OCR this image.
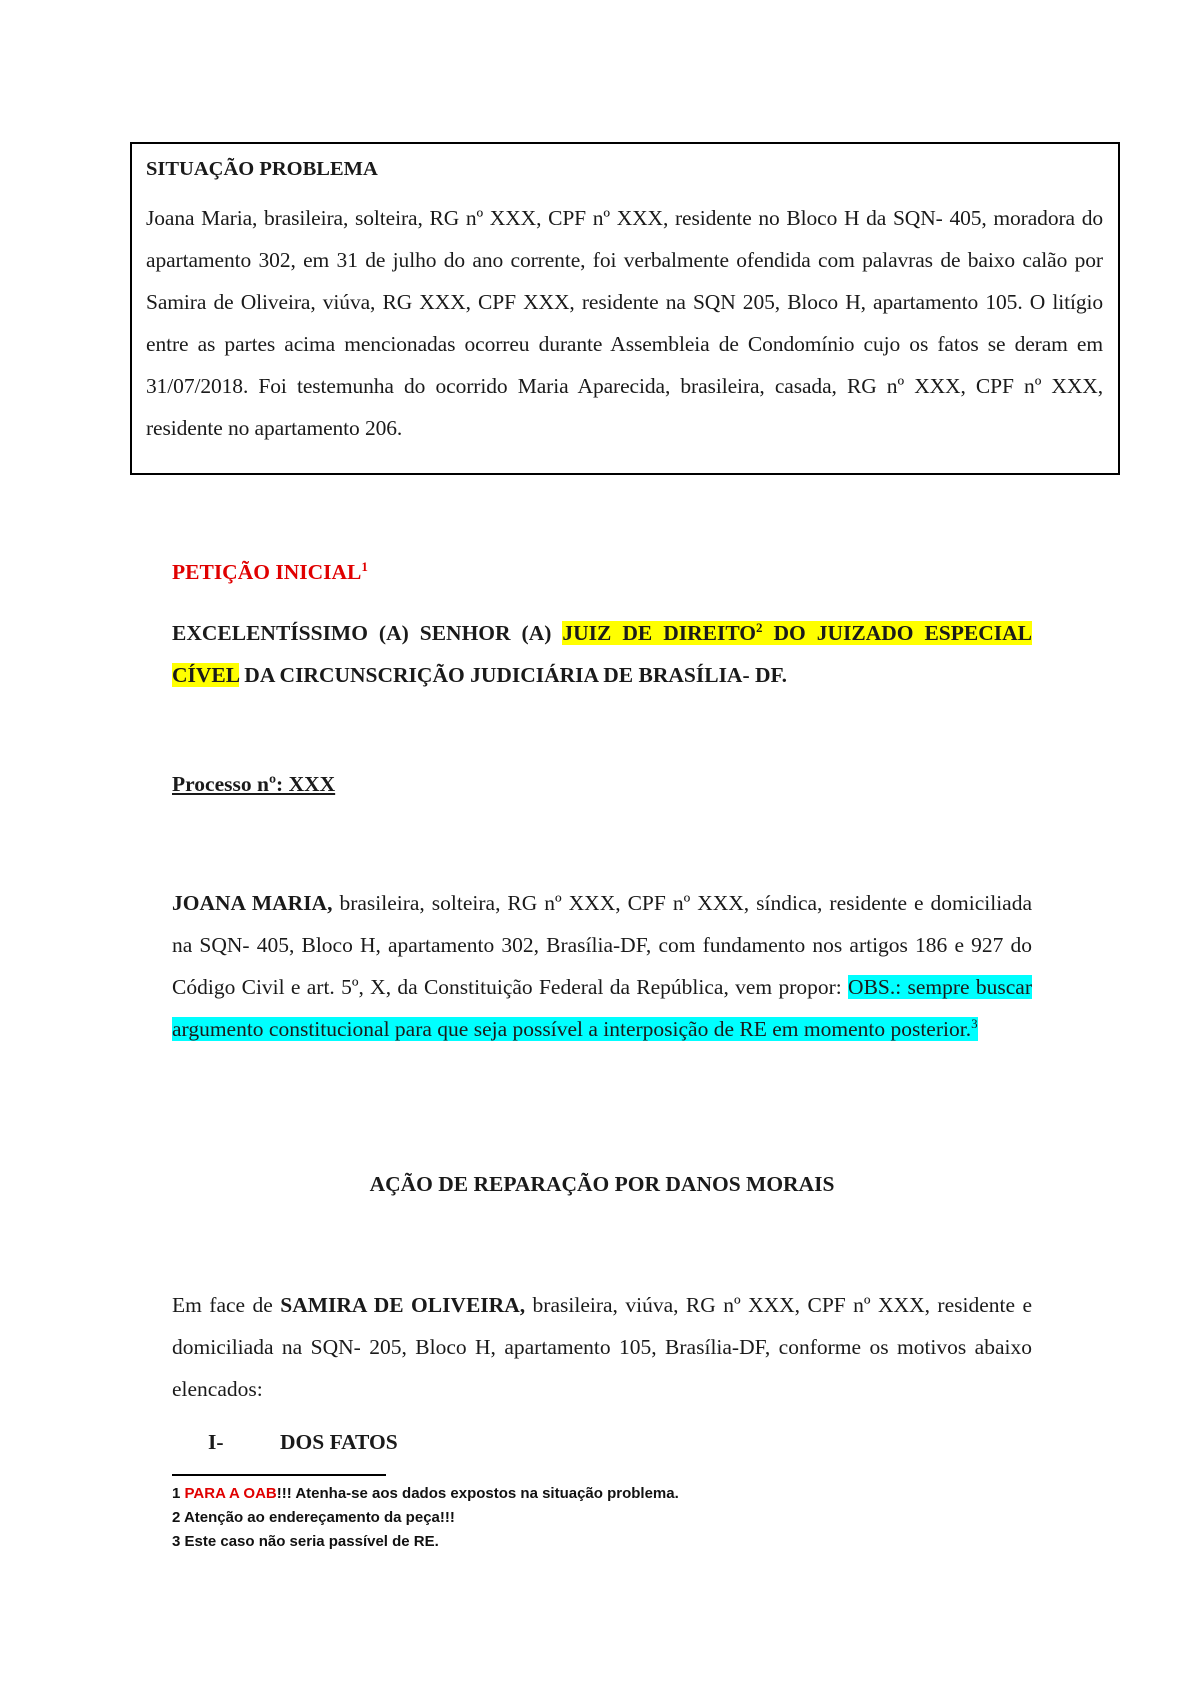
SITUAÇÃO PROBLEMA

Joana Maria, brasileira, solteira, RG nº XXX, CPF nº XXX, residente no Bloco H da SQN- 405, moradora do apartamento 302, em 31 de julho do ano corrente, foi verbalmente ofendida com palavras de baixo calão por Samira de Oliveira, viúva, RG XXX, CPF XXX, residente na SQN 205, Bloco H, apartamento 105. O litígio entre as partes acima mencionadas ocorreu durante Assembleia de Condomínio cujo os fatos se deram em 31/07/2018. Foi testemunha do ocorrido Maria Aparecida, brasileira, casada, RG nº XXX, CPF nº XXX, residente no apartamento 206.

PETIÇÃO INICIAL$^1$
EXCELENTÍSSIMO (A) SENHOR (A) JUIZ DE DIREITO$^2$ DO JUIZADO ESPECIAL CÍVEL DA CIRCUNSCRIÇÃO JUDICIÁRIA DE BRASÍLIA- DF.
Processo nº: XXX
JOANA MARIA, brasileira, solteira, RG nº XXX, CPF nº XXX, síndica, residente e domiciliada na SQN- 405, Bloco H, apartamento 302, Brasília-DF, com fundamento nos artigos 186 e 927 do Código Civil e art. 5º, X, da Constituição Federal da República, vem propor: OBS.: sempre buscar argumento constitucional para que seja possível a interposição de RE em momento posterior.$^3$
AÇÃO DE REPARAÇÃO POR DANOS MORAIS
Em face de SAMIRA DE OLIVEIRA, brasileira, viúva, RG nº XXX, CPF nº XXX, residente e domiciliada na SQN- 205, Bloco H, apartamento 105, Brasília-DF, conforme os motivos abaixo elencados:
I-	DOS FATOS
1 PARA A OAB!!! Atenha-se aos dados expostos na situação problema.
2 Atenção ao endereçamento da peça!!!
3 Este caso não seria passível de RE.
